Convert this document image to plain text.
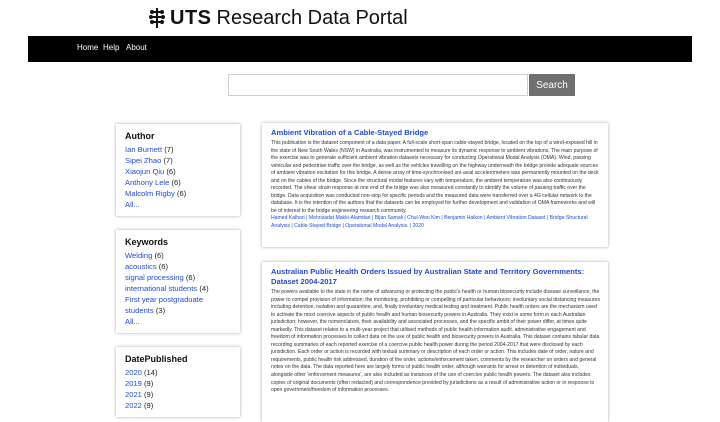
UTS Research Data Portal
Home Help About
Search
Author
Ian Burnett (7)
Sipei Zhao (7)
Xiaojun Qiu (6)
Anthony Lele (6)
Malcolm Rigby (6)
All...
Keywords
Welding (6)
acoustics (6)
signal processing (6)
international students (4)
First year postgraduate students (3)
All...
DatePublished
2020 (14)
2019 (9)
2021 (9)
2022 (9)
Ambient Vibration of a Cable-Stayed Bridge

This publication is the dataset component of a data paper. A full-scale short-span cable-stayed bridge, located on the top of a wind-exposed hill in the state of New South Wales (NSW) in Australia, was instrumented to measure its dynamic response to ambient vibrations. The main purpose of the exercise was to generate sufficient ambient vibration datasets necessary for conducting Operational Modal Analysis (OMA). Wind, passing vehicular and pedestrian traffic over the bridge, as well as the vehicles travelling on the highway underneath the bridge provide adequate sources of ambient vibration excitation for this bridge. A dense array of time-synchronised uni-axial accelerometers was permanently mounted on the deck and on the cables of the bridge. Since the structural modal features vary with temperature, the ambient temperature was also continuously recorded. The shear strain response at one end of the bridge was also measured constantly to identify the volume of passing traffic over the bridge. Data acquisition was conducted non-stop for specific periods and the measured data were transferred over a 4G cellular network to the database. It is the intention of the authors that the datasets can be employed for further development and validation of OMA frameworks and will be of interest to the bridge engineering research community.

Hamed Kalhori | Mehrisadat Makki-Alamdari | Bijan Samali | Chul-Woo Kim | Benjamin Halkon | Ambient Vibration Dataset | Bridge Structural Analysis | Cable-Stayed Bridge | Operational Modal Analysis. | 2020

Australian Public Health Orders Issued by Australian State and Territory Governments: Dataset 2004-2017

The powers available to the state in the name of advancing or protecting the public's health or human biosecurity include disease surveillance; the power to compel provision of information; the monitoring, prohibiting or compelling of particular behaviours; involuntary social distancing measures including detention, isolation and quarantine; and, finally involuntary medical testing and treatment. Public health orders are the mechanism used to activate the most coercive aspects of public health and human biosecurity powers in Australia. They exist in some form in each Australian jurisdiction; however, the nomenclature, their availability and associated processes, and the specific ambit of their power differ, at times quite markedly. This dataset relates to a multi-year project that utilised methods of public health information audit, administrative engagement and freedom of information processes to collect data on the use of public health and biosecurity powers in Australia. This dataset contains tabular data recording summaries of each reported exercise of a coercive public health power during the period 2004-2017 that were disclosed by each jurisdiction. Each order or action is recorded with textual summary or description of each order or action. This includes date of order, nature and requirements, public health risk addressed, duration of the order, actions/enforcement taken, comments by the researcher on orders and general notes on the data. The data reported here are largely forms of public health order, although warrants for arrest or detention of individuals, alongside other 'enforcement measures', are also included as instances of the use of coercive public health powers. The dataset also includes copies of original documents (often redacted) and correspondence provided by jurisdictions as a result of administrative action or in response to open government/freedom of information processes.
